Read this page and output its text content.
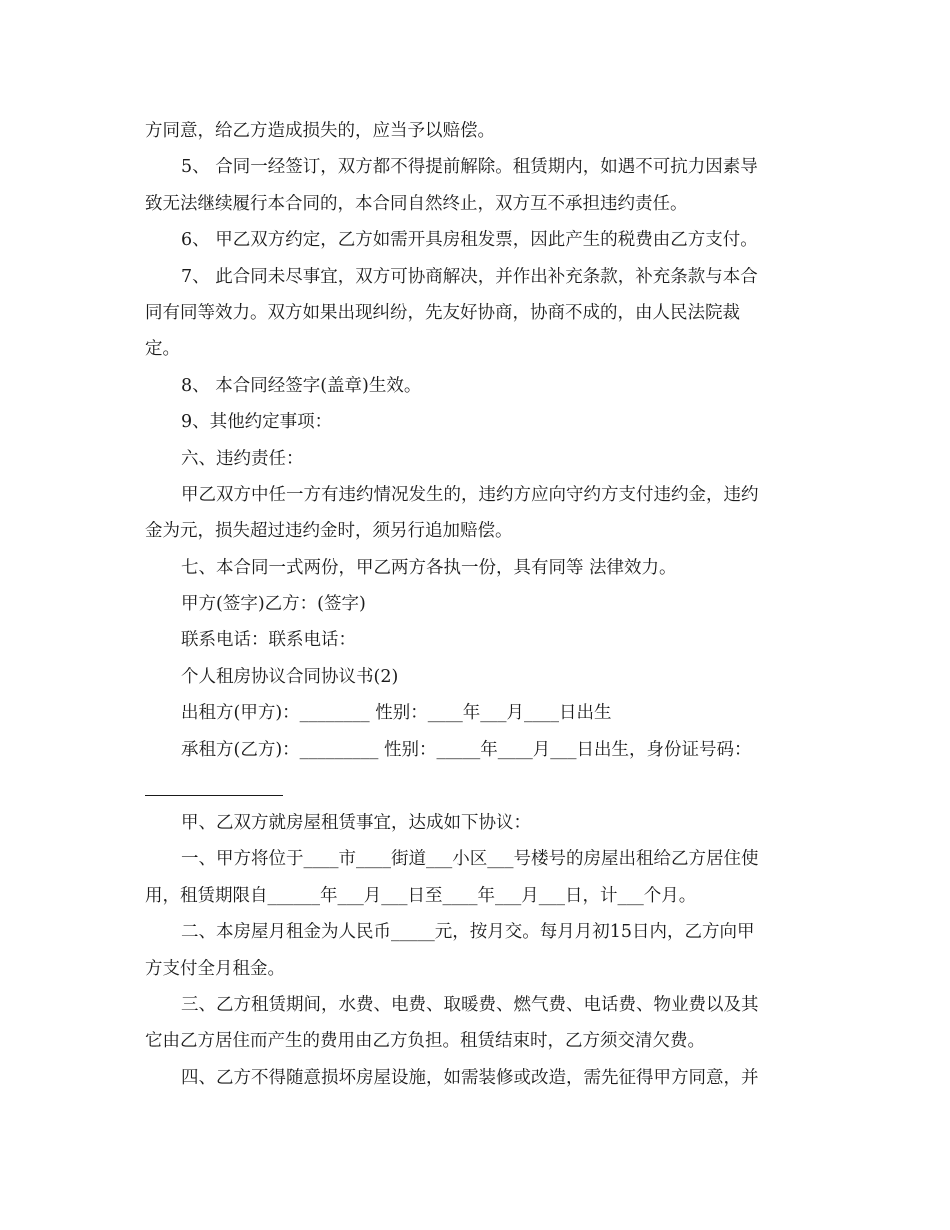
方同意，给乙方造成损失的，应当予以赔偿。
5、 合同一经签订，双方都不得提前解除。租赁期内，如遇不可抗力因素导
致无法继续履行本合同的，本合同自然终止，双方互不承担违约责任。
6、 甲乙双方约定，乙方如需开具房租发票，因此产生的税费由乙方支付。
7、 此合同未尽事宜，双方可协商解决，并作出补充条款，补充条款与本合
同有同等效力。双方如果出现纠纷，先友好协商，协商不成的，由人民法院裁
定。
8、 本合同经签字(盖章)生效。
9、其他约定事项：
六、违约责任：
甲乙双方中任一方有违约情况发生的，违约方应向守约方支付违约金，违约
金为元，损失超过违约金时，须另行追加赔偿。
七、本合同一式两份，甲乙两方各执一份，具有同等 法律效力。
甲方(签字)乙方：(签字)
联系电话：联系电话：
个人租房协议合同协议书(2)
出租方(甲方)：________ 性别：____年___月____日出生
承租方(乙方)：_________ 性别：_____年____月___日出生，身份证号码：
甲、乙双方就房屋租赁事宜，达成如下协议：
一、甲方将位于____市____街道___小区___号楼号的房屋出租给乙方居住使
用，租赁期限自______年___月___日至____年___月___日，计___个月。
二、本房屋月租金为人民币_____元，按月交。每月月初15日内，乙方向甲
方支付全月租金。
三、乙方租赁期间，水费、电费、取暖费、燃气费、电话费、物业费以及其
它由乙方居住而产生的费用由乙方负担。租赁结束时，乙方须交清欠费。
四、乙方不得随意损坏房屋设施，如需装修或改造，需先征得甲方同意，并
